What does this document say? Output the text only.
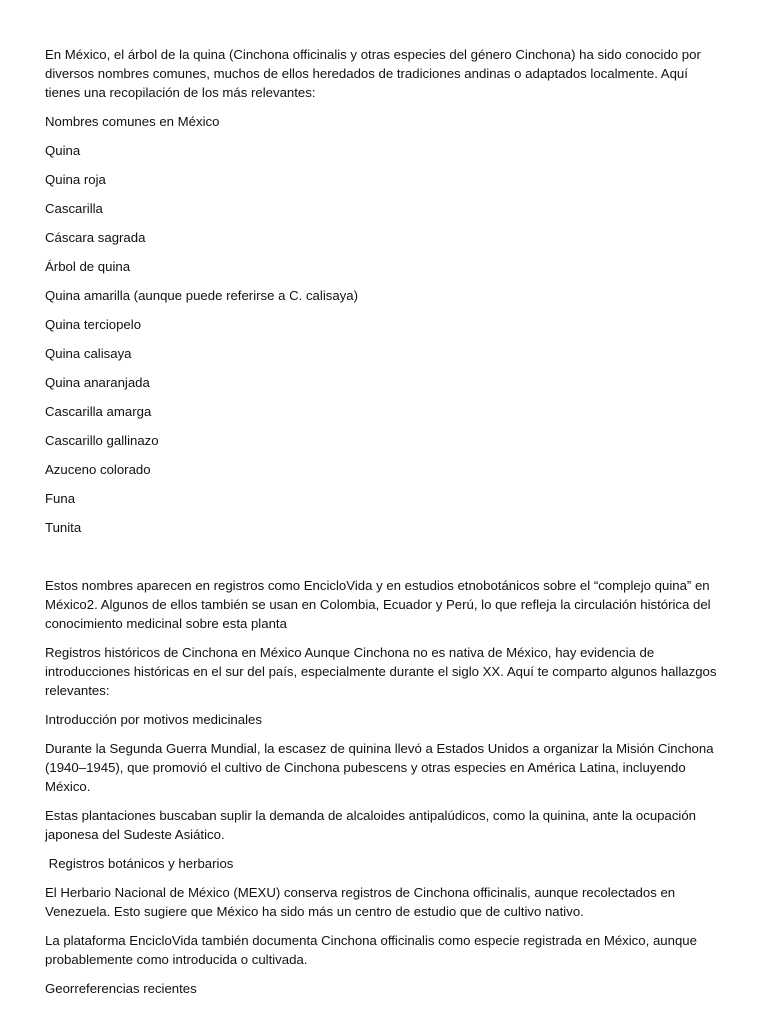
En México, el árbol de la quina (Cinchona officinalis y otras especies del género Cinchona) ha sido conocido por diversos nombres comunes, muchos de ellos heredados de tradiciones andinas o adaptados localmente. Aquí tienes una recopilación de los más relevantes:

Nombres comunes en México

Quina

Quina roja

Cascarilla

Cáscara sagrada

Árbol de quina

Quina amarilla (aunque puede referirse a C. calisaya)

Quina terciopelo

Quina calisaya

Quina anaranjada

Cascarilla amarga

Cascarillo gallinazo

Azuceno colorado

Funa

Tunita

Estos nombres aparecen en registros como EncicloVida y en estudios etnobotánicos sobre el “complejo quina” en México2. Algunos de ellos también se usan en Colombia, Ecuador y Perú, lo que refleja la circulación histórica del conocimiento medicinal sobre esta planta

Registros históricos de Cinchona en México Aunque Cinchona no es nativa de México, hay evidencia de introducciones históricas en el sur del país, especialmente durante el siglo XX. Aquí te comparto algunos hallazgos relevantes:

Introducción por motivos medicinales

Durante la Segunda Guerra Mundial, la escasez de quinina llevó a Estados Unidos a organizar la Misión Cinchona (1940–1945), que promovió el cultivo de Cinchona pubescens y otras especies en América Latina, incluyendo México.

Estas plantaciones buscaban suplir la demanda de alcaloides antipalúdicos, como la quinina, ante la ocupación japonesa del Sudeste Asiático.

Registros botánicos y herbarios

El Herbario Nacional de México (MEXU) conserva registros de Cinchona officinalis, aunque recolectados en Venezuela. Esto sugiere que México ha sido más un centro de estudio que de cultivo nativo.

La plataforma EncicloVida también documenta Cinchona officinalis como especie registrada en México, aunque probablemente como introducida o cultivada.

Georreferencias recientes
